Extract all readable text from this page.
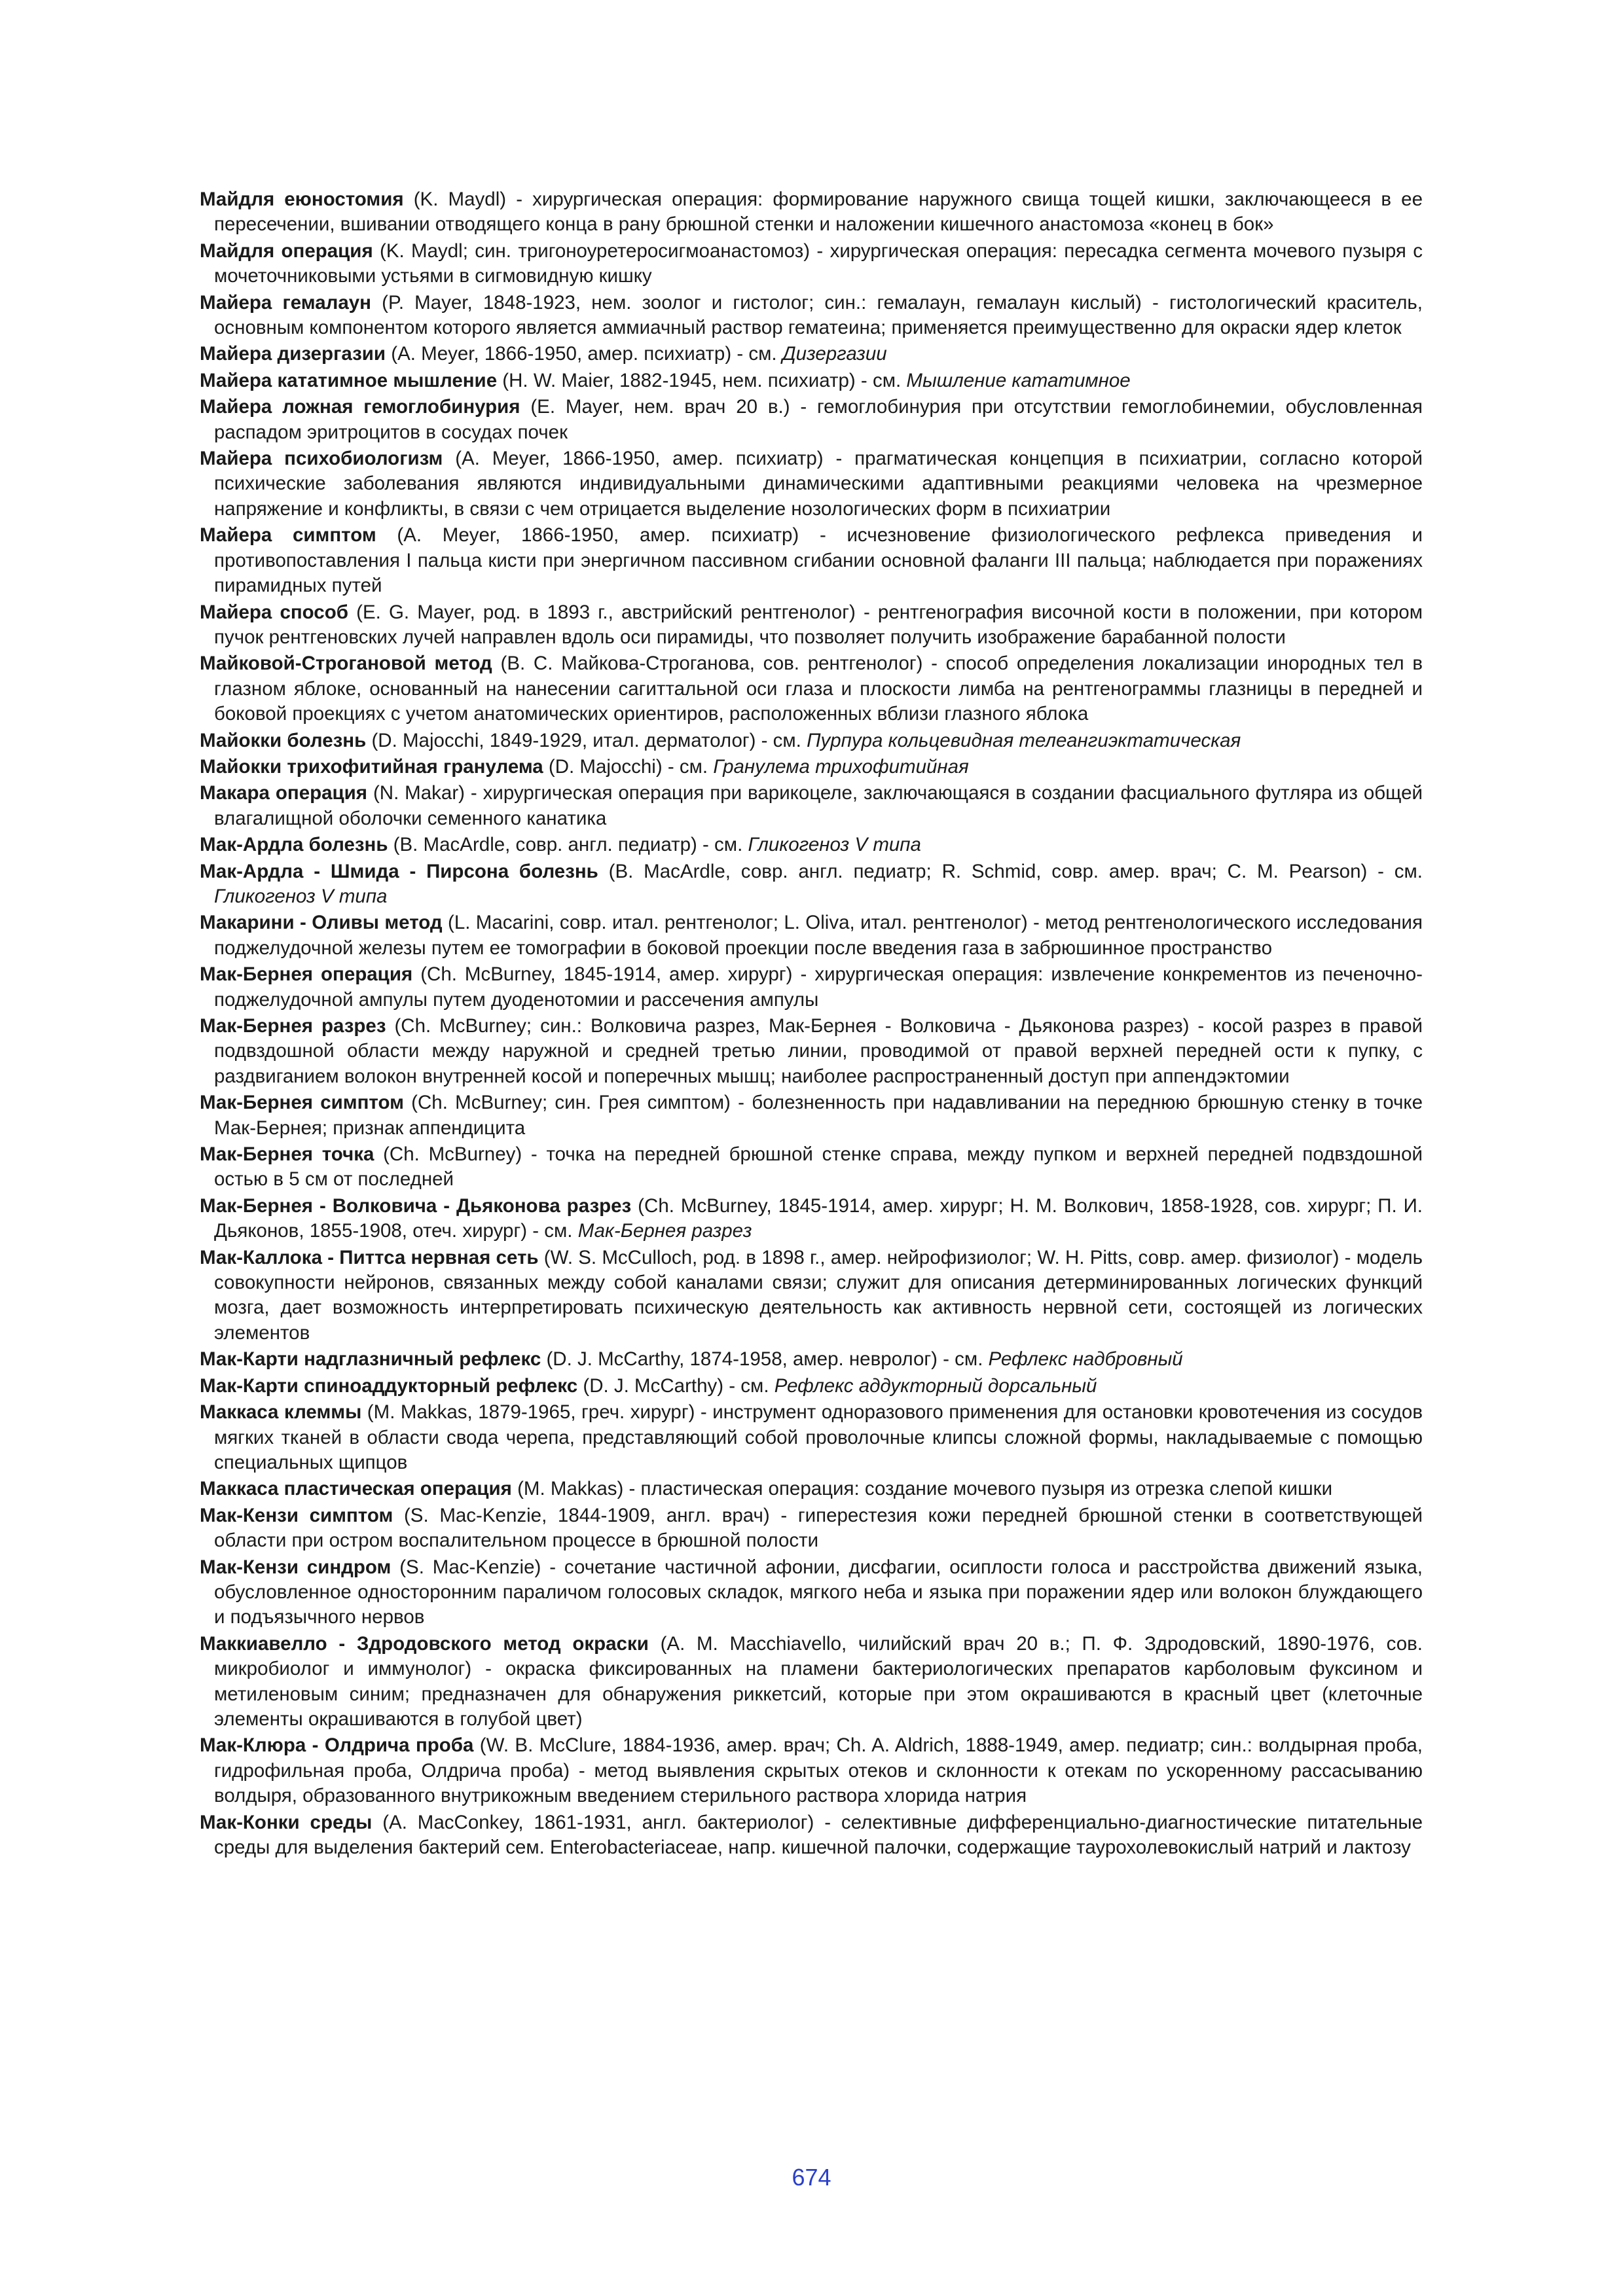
Майдля еюностомия (K. Maydl) - хирургическая операция: формирование наружного свища тощей кишки, заключающееся в ее пересечении, вшивании отводящего конца в рану брюшной стенки и наложении кишечного анастомоза «конец в бок»

Майдля операция (K. Maydl; син. тригоноуретеросигмоанастомоз) - хирургическая операция: пересадка сегмента мочевого пузыря с мочеточниковыми устьями в сигмовидную кишку

Майера гемалаун (P. Mayer, 1848-1923, нем. зоолог и гистолог; син.: гемалаун, гемалаун кислый) - гистологический краситель, основным компонентом которого является аммиачный раствор гематеина; применяется преимущественно для окраски ядер клеток

Майера дизергазии (A. Meyer, 1866-1950, амер. психиатр) - см. Дизергазии

Майера кататимное мышление (H. W. Maier, 1882-1945, нем. психиатр) - см. Мышление кататимное

Майера ложная гемоглобинурия (E. Mayer, нем. врач 20 в.) - гемоглобинурия при отсутствии гемоглобинемии, обусловленная распадом эритроцитов в сосудах почек

Майера психобиологизм (A. Meyer, 1866-1950, амер. психиатр) - прагматическая концепция в психиатрии, согласно которой психические заболевания являются индивидуальными динамическими адаптивными реакциями человека на чрезмерное напряжение и конфликты, в связи с чем отрицается выделение нозологических форм в психиатрии

Майера симптом (A. Meyer, 1866-1950, амер. психиатр) - исчезновение физиологического рефлекса приведения и противопоставления I пальца кисти при энергичном пассивном сгибании основной фаланги III пальца; наблюдается при поражениях пирамидных путей

Майера способ (E. G. Mayer, род. в 1893 г., австрийский рентгенолог) - рентгенография височной кости в положении, при котором пучок рентгеновских лучей направлен вдоль оси пирамиды, что позволяет получить изображение барабанной полости

Майковой-Строгановой метод (В. С. Майкова-Строганова, сов. рентгенолог) - способ определения локализации инородных тел в глазном яблоке, основанный на нанесении сагиттальной оси глаза и плоскости лимба на рентгенограммы глазницы в передней и боковой проекциях с учетом анатомических ориентиров, расположенных вблизи глазного яблока

Майокки болезнь (D. Majocchi, 1849-1929, итал. дерматолог) - см. Пурпура кольцевидная телеангиэктатическая

Майокки трихофитийная гранулема (D. Majocchi) - см. Гранулема трихофитийная

Макара операция (N. Makar) - хирургическая операция при варикоцеле, заключающаяся в создании фасциального футляра из общей влагалищной оболочки семенного канатика

Мак-Ардла болезнь (B. MacArdle, совр. англ. педиатр) - см. Гликогеноз V типа

Мак-Ардла - Шмида - Пирсона болезнь (B. MacArdle, совр. англ. педиатр; R. Schmid, совр. амер. врач; C. M. Pearson) - см. Гликогеноз V типа

Макарини - Оливы метод (L. Macarini, совр. итал. рентгенолог; L. Oliva, итал. рентгенолог) - метод рентгенологического исследования поджелудочной железы путем ее томографии в боковой проекции после введения газа в забрюшинное пространство

Мак-Бернея операция (Ch. McBurney, 1845-1914, амер. хирург) - хирургическая операция: извлечение конкрементов из печеночно-поджелудочной ампулы путем дуоденотомии и рассечения ампулы

Мак-Бернея разрез (Ch. McBurney; син.: Волковича разрез, Мак-Бернея - Волковича - Дьяконова разрез) - косой разрез в правой подвздошной области между наружной и средней третью линии, проводимой от правой верхней передней ости к пупку, с раздвиганием волокон внутренней косой и поперечных мышц; наиболее распространенный доступ при аппендэктомии

Мак-Бернея симптом (Ch. McBurney; син. Грея симптом) - болезненность при надавливании на переднюю брюшную стенку в точке Мак-Бернея; признак аппендицита

Мак-Бернея точка (Ch. McBurney) - точка на передней брюшной стенке справа, между пупком и верхней передней подвздошной остью в 5 см от последней

Мак-Бернея - Волковича - Дьяконова разрез (Ch. McBurney, 1845-1914, амер. хирург; Н. М. Волкович, 1858-1928, сов. хирург; П. И. Дьяконов, 1855-1908, отеч. хирург) - см. Мак-Бернея разрез

Мак-Каллока - Питтса нервная сеть (W. S. McCulloch, род. в 1898 г., амер. нейрофизиолог; W. H. Pitts, совр. амер. физиолог) - модель совокупности нейронов, связанных между собой каналами связи; служит для описания детерминированных логических функций мозга, дает возможность интерпретировать психическую деятельность как активность нервной сети, состоящей из логических элементов

Мак-Карти надглазничный рефлекс (D. J. McCarthy, 1874-1958, амер. невролог) - см. Рефлекс надбровный

Мак-Карти спиноаддукторный рефлекс (D. J. McCarthy) - см. Рефлекс аддукторный дорсальный

Маккаса клеммы (M. Makkas, 1879-1965, греч. хирург) - инструмент одноразового применения для остановки кровотечения из сосудов мягких тканей в области свода черепа, представляющий собой проволочные клипсы сложной формы, накладываемые с помощью специальных щипцов

Маккаса пластическая операция (M. Makkas) - пластическая операция: создание мочевого пузыря из отрезка слепой кишки

Мак-Кензи симптом (S. Mac-Kenzie, 1844-1909, англ. врач) - гиперестезия кожи передней брюшной стенки в соответствующей области при остром воспалительном процессе в брюшной полости

Мак-Кензи синдром (S. Mac-Kenzie) - сочетание частичной афонии, дисфагии, осиплости голоса и расстройства движений языка, обусловленное односторонним параличом голосовых складок, мягкого неба и языка при поражении ядер или волокон блуждающего и подъязычного нервов

Маккиавелло - Здродовского метод окраски (A. M. Macchiavello, чилийский врач 20 в.; П. Ф. Здродовский, 1890-1976, сов. микробиолог и иммунолог) - окраска фиксированных на пламени бактериологических препаратов карболовым фуксином и метиленовым синим; предназначен для обнаружения риккетсий, которые при этом окрашиваются в красный цвет (клеточные элементы окрашиваются в голубой цвет)

Мак-Клюра - Олдрича проба (W. B. McClure, 1884-1936, амер. врач; Ch. A. Aldrich, 1888-1949, амер. педиатр; син.: волдырная проба, гидрофильная проба, Олдрича проба) - метод выявления скрытых отеков и склонности к отекам по ускоренному рассасыванию волдыря, образованного внутрикожным введением стерильного раствора хлорида натрия

Мак-Конки среды (A. MacConkey, 1861-1931, англ. бактериолог) - селективные дифференциально-диагностические питательные среды для выделения бактерий сем. Enterobacteriaceae, напр. кишечной палочки, содержащие таурохолевокислый натрий и лактозу

674
